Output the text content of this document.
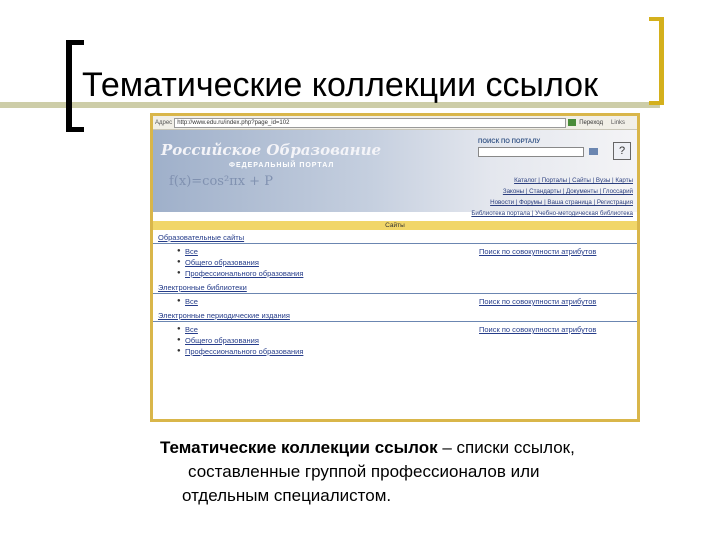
Тематические коллекции ссылок
Адрес http://www.edu.ru/index.php?page_id=102	Переход Links
Российское Образование
ФЕДЕРАЛЬНЫЙ ПОРТАЛ
f(x)=cos²πx + P
ПОИСК ПО ПОРТАЛУ
?
Каталог | Порталы | Сайты | Вузы | Карты
Законы | Стандарты | Документы | Глоссарий
Новости | Форумы | Ваша страница | Регистрация
Библиотека портала | Учебно-методическая библиотека
Сайты
Образовательные сайты
● Все	Поиск по совокупности атрибутов
● Общего образования
● Профессионального образования
Электронные библиотеки
● Все	Поиск по совокупности атрибутов
Электронные периодические издания
● Все	Поиск по совокупности атрибутов
● Общего образования
● Профессионального образования
Тематические коллекции ссылок – списки ссылок,
составленные группой профессионалов или
отдельным специалистом.
